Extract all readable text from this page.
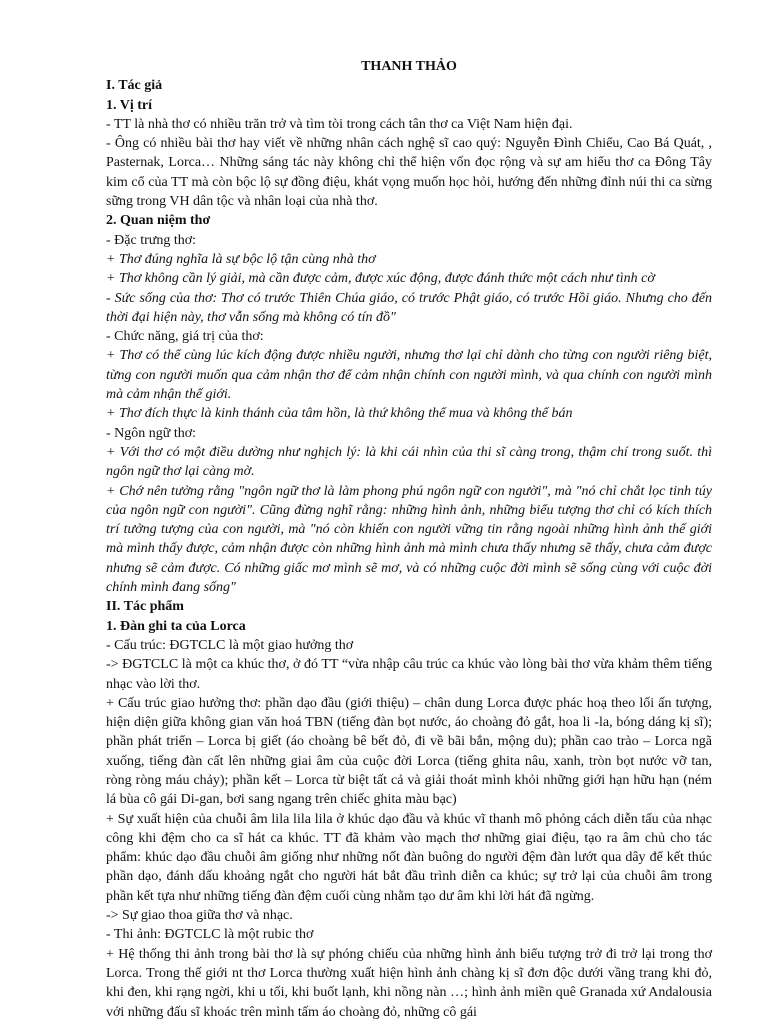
THANH THẢO

I. Tác giả

1. Vị trí

- TT là nhà thơ có nhiều trăn trở và tìm tòi trong cách tân thơ ca Việt Nam hiện đại.

- Ông có nhiều bài thơ hay viết về những nhân cách nghệ sĩ cao quý: Nguyễn Đình Chiểu, Cao Bá Quát, , Pasternak, Lorca… Những sáng tác này không chỉ thể hiện vốn đọc rộng và sự am hiểu thơ ca Đông Tây kim cổ của TT mà còn bộc lộ sự đồng điệu, khát vọng muốn học hỏi, hướng đến những đỉnh núi thi ca sừng sững trong VH dân tộc và nhân loại của nhà thơ.

2. Quan niệm thơ

- Đặc trưng thơ:

+ Thơ đúng nghĩa là sự bộc lộ tận cùng nhà thơ

+ Thơ không cần lý giải, mà cần được cảm, được xúc động, được đánh thức một cách như tình cờ

- Sức sống của thơ: Thơ có trước Thiên Chúa giáo, có trước Phật giáo, có trước Hồi giáo. Nhưng cho đến thời đại hiện này, thơ vẫn sống mà không có tín đồ"

- Chức năng, giá trị của thơ:

+ Thơ có thể cùng lúc kích động được nhiều người, nhưng thơ lại chỉ dành cho từng con người riêng biệt, từng con người muốn qua cảm nhận thơ để cảm nhận chính con người mình, và qua chính con người mình mà cảm nhận thế giới.

+ Thơ đích thực là kinh thánh của tâm hồn, là thứ không thể mua và không thể bán

- Ngôn ngữ thơ:

+ Với thơ có một điều dường như nghịch lý: là khi cái nhìn của thi sĩ càng trong, thậm chí trong suốt. thì ngôn ngữ thơ lại càng mờ.

+ Chớ nên tưởng rằng "ngôn ngữ thơ là làm phong phú ngôn ngữ con người", mà "nó chỉ chắt lọc tinh túy của ngôn ngữ con người". Cũng đừng nghĩ rằng: những hình ảnh, những biểu tượng thơ chỉ có kích thích trí tưởng tượng của con người, mà "nó còn khiến con người vững tin rằng ngoài những hình ảnh thế giới mà mình thấy được, cảm nhận được còn những hình ảnh mà mình chưa thấy nhưng sẽ thấy, chưa cảm được nhưng sẽ cảm được. Có những giấc mơ mình sẽ mơ, và có những cuộc đời mình sẽ sống cùng với cuộc đời chính mình đang sống"

II. Tác phẩm

1. Đàn ghi ta của Lorca

- Cấu trúc: ĐGTCLC là một giao hưởng thơ

-> ĐGTCLC là một ca khúc thơ, ở đó TT “vừa nhập câu trúc ca khúc vào lòng bài thơ vừa khảm thêm tiếng nhạc vào lời thơ.

+ Cấu trúc giao hưởng thơ: phần dạo đầu (giới thiệu) – chân dung Lorca được phác hoạ theo lối ấn tượng, hiện diện giữa không gian văn hoá TBN (tiếng đàn bọt nước, áo choàng đỏ gắt, hoa li -la, bóng dáng kị sĩ); phần phát triển – Lorca bị giết (áo choàng bê bết đỏ, đi về bãi bắn, mộng du); phần cao trào – Lorca ngã xuống, tiếng đàn cất lên những giai âm của cuộc đời Lorca (tiếng ghita nâu, xanh, tròn bọt nước vỡ tan, ròng ròng máu chảy); phần kết – Lorca từ biệt tất cả và giải thoát mình khỏi những giới hạn hữu hạn (ném lá bùa cô gái Di-gan, bơi sang ngang trên chiếc ghita màu bạc)

+ Sự xuất hiện của chuỗi âm lila lila lila ở khúc dạo đầu và khúc vĩ thanh mô phỏng cách diễn tấu của nhạc công khi đệm cho ca sĩ hát ca khúc. TT đã khảm vào mạch thơ những giai điệu, tạo ra âm chủ cho tác phẩm: khúc dạo đầu chuỗi âm giống như những nốt đàn buông do người đệm đàn lướt qua dây để kết thúc phần dạo, đánh dấu khoảng ngắt cho người hát bắt đầu trình diễn ca khúc; sự trở lại của chuỗi âm trong phần kết tựa như những tiếng đàn đệm cuối cùng nhằm tạo dư âm khi lời hát đã ngừng.

-> Sự giao thoa giữa thơ và nhạc.

- Thi ảnh: ĐGTCLC là một rubic thơ

+ Hệ thống thi ảnh trong bài thơ là sự phóng chiếu của những hình ảnh biểu tượng trở đi trở lại trong thơ Lorca. Trong thế giới nt thơ Lorca thường xuất hiện hình ảnh chàng kị sĩ đơn độc dưới vầng trang khi đỏ, khi đen, khi rạng ngời, khi u tối, khi buốt lạnh, khi nồng nàn …; hình ảnh miền quê Granada xứ Andalousia với những đấu sĩ khoác trên mình tấm áo choàng đỏ, những cô gái
